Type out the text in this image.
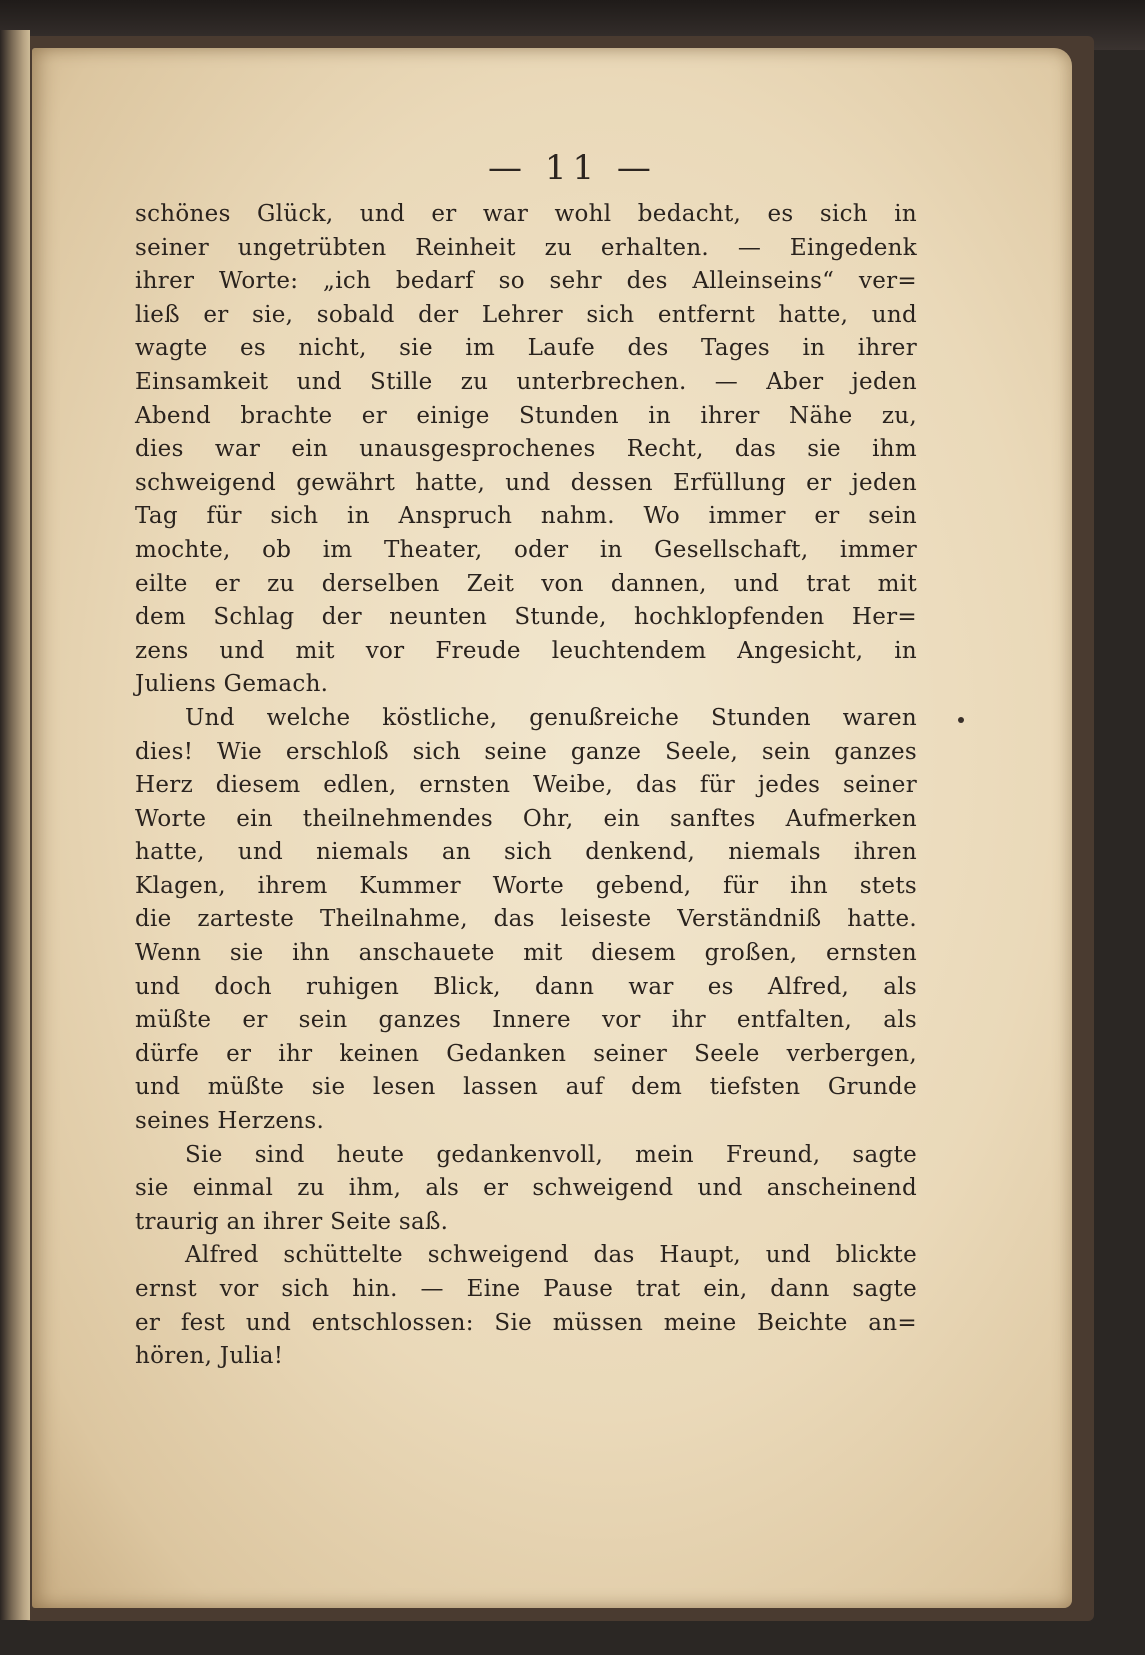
— 11 —
schönes Glück, und er war wohl bedacht, es sich in
seiner ungetrübten Reinheit zu erhalten. — Eingedenk
ihrer Worte: „ich bedarf so sehr des Alleinseins“ ver=
ließ er sie, sobald der Lehrer sich entfernt hatte, und
wagte es nicht, sie im Laufe des Tages in ihrer
Einsamkeit und Stille zu unterbrechen. — Aber jeden
Abend brachte er einige Stunden in ihrer Nähe zu,
dies war ein unausgesprochenes Recht, das sie ihm
schweigend gewährt hatte, und dessen Erfüllung er jeden
Tag für sich in Anspruch nahm. Wo immer er sein
mochte, ob im Theater, oder in Gesellschaft, immer
eilte er zu derselben Zeit von dannen, und trat mit
dem Schlag der neunten Stunde, hochklopfenden Her=
zens und mit vor Freude leuchtendem Angesicht, in
Juliens Gemach.
Und welche köstliche, genußreiche Stunden waren
dies! Wie erschloß sich seine ganze Seele, sein ganzes
Herz diesem edlen, ernsten Weibe, das für jedes seiner
Worte ein theilnehmendes Ohr, ein sanftes Aufmerken
hatte, und niemals an sich denkend, niemals ihren
Klagen, ihrem Kummer Worte gebend, für ihn stets
die zarteste Theilnahme, das leiseste Verständniß hatte.
Wenn sie ihn anschauete mit diesem großen, ernsten
und doch ruhigen Blick, dann war es Alfred, als
müßte er sein ganzes Innere vor ihr entfalten, als
dürfe er ihr keinen Gedanken seiner Seele verbergen,
und müßte sie lesen lassen auf dem tiefsten Grunde
seines Herzens.
Sie sind heute gedankenvoll, mein Freund, sagte
sie einmal zu ihm, als er schweigend und anscheinend
traurig an ihrer Seite saß.
Alfred schüttelte schweigend das Haupt, und blickte
ernst vor sich hin. — Eine Pause trat ein, dann sagte
er fest und entschlossen: Sie müssen meine Beichte an=
hören, Julia!
